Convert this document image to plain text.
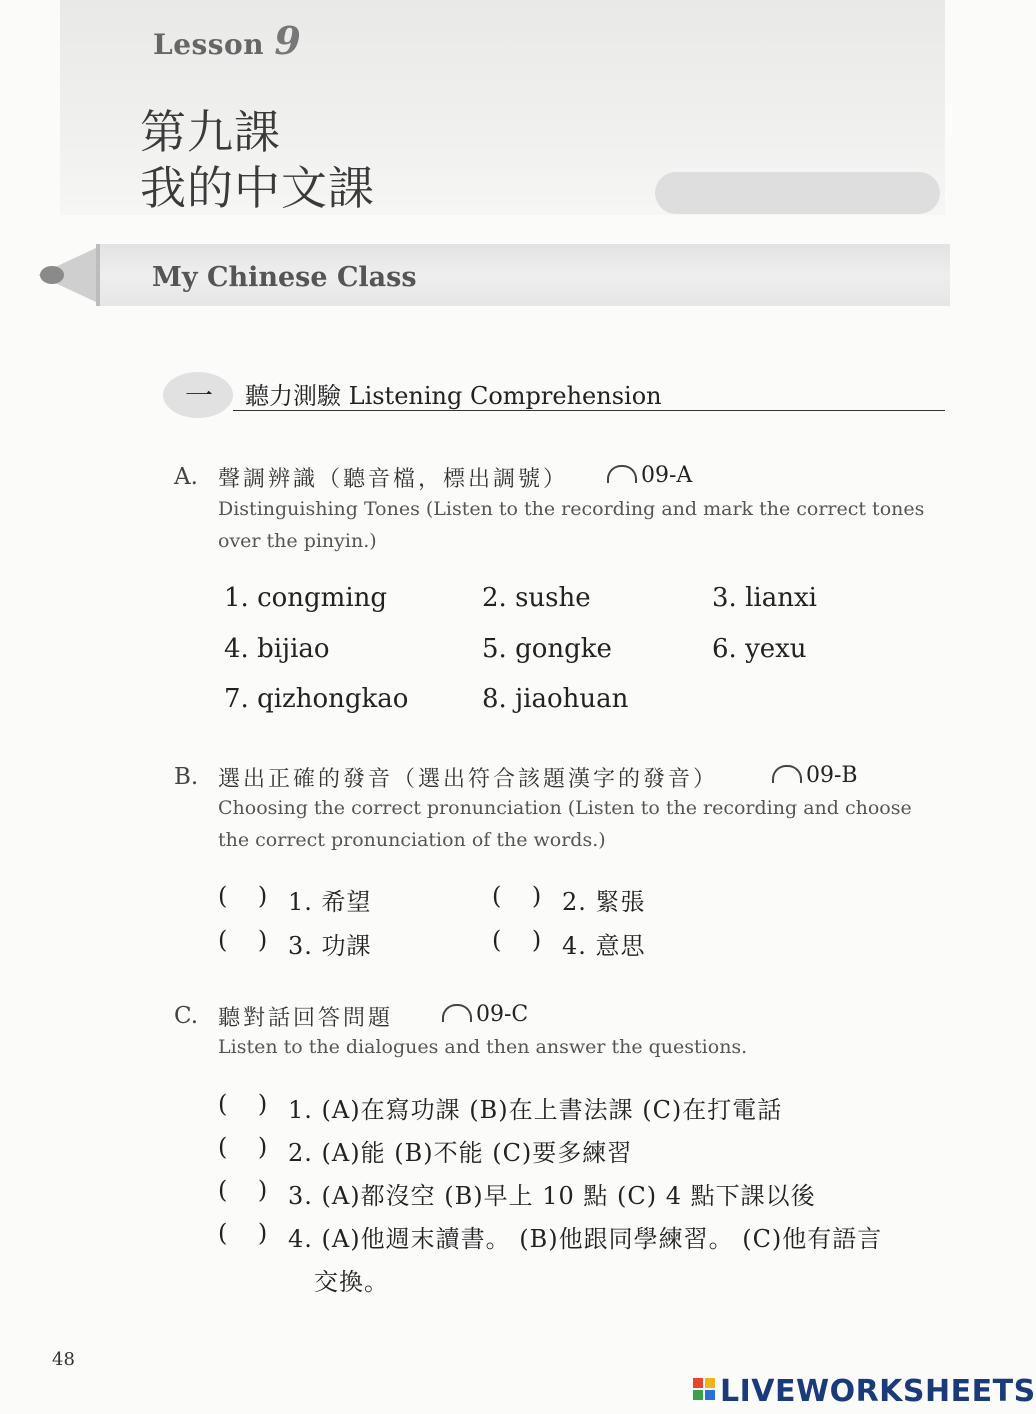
Lesson 9
第九課
我的中文課
My Chinese Class
一 聽力測驗 Listening Comprehension
A. 聲調辨識（聽音檔，標出調號）	09-A
Distinguishing Tones (Listen to the recording and mark the correct tones over the pinyin.)
1. congming	2. sushe	3. lianxi
4. bijiao	5. gongke	6. yexu
7. qizhongkao	8. jiaohuan
B. 選出正確的發音（選出符合該題漢字的發音）	09-B
Choosing the correct pronunciation (Listen to the recording and choose the correct pronunciation of the words.)
(    ) 1. 希望	(    ) 2. 緊張
(    ) 3. 功課	(    ) 4. 意思
C. 聽對話回答問題	09-C
Listen to the dialogues and then answer the questions.
(    ) 1. (A)在寫功課 (B)在上書法課 (C)在打電話
(    ) 2. (A)能 (B)不能 (C)要多練習
(    ) 3. (A)都沒空 (B)早上 10 點 (C) 4 點下課以後
(    ) 4. (A)他週末讀書。 (B)他跟同學練習。 (C)他有語言
交換。
48
LIVEWORKSHEETS
